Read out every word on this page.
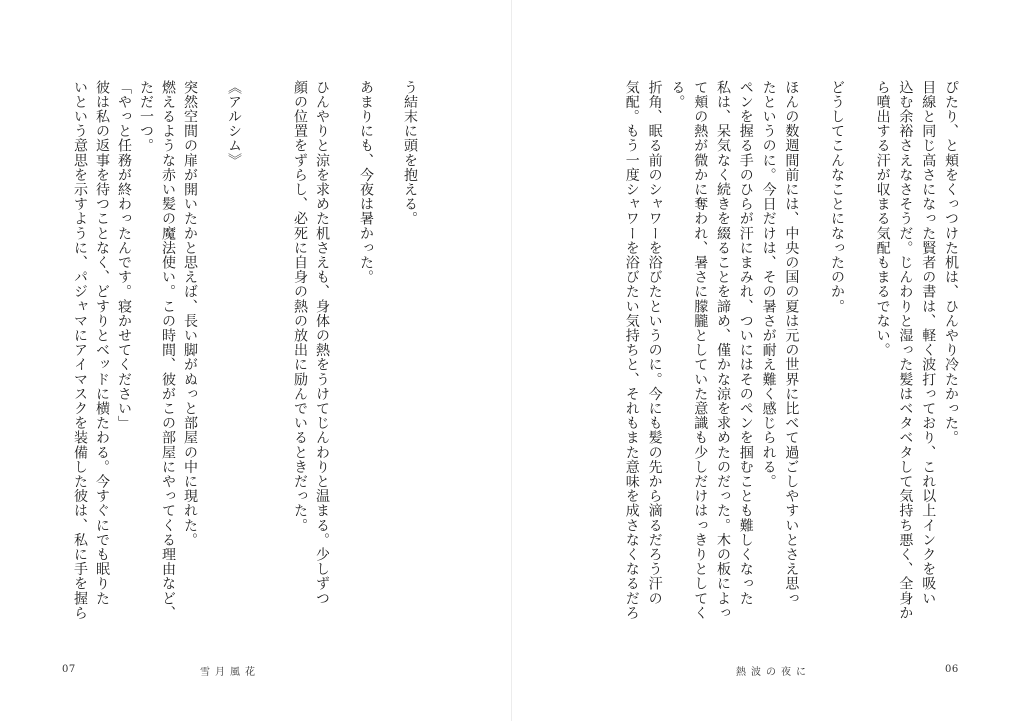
う結末に頭を抱える。
あまりにも、今夜は暑かった。
ひんやりと涼を求めた机さえも、身体の熱をうけてじんわりと温まる。少しずつ
顔の位置をずらし、必死に自身の熱の放出に励んでいるときだった。
《アルシム》
突然空間の扉が開いたかと思えば、長い脚がぬっと部屋の中に現れた。
燃えるような赤い髪の魔法使い。この時間、彼がこの部屋にやってくる理由など、
ただ一つ。
「やっと任務が終わったんです。寝かせてください」
彼は私の返事を待つことなく、どすりとベッドに横たわる。今すぐにでも眠りた
いという意思を示すように、パジャマにアイマスクを装備した彼は、私に手を握ら
07	雪月風花
ぴたり、と頬をくっつけた机は、ひんやり冷たかった。
目線と同じ高さになった賢者の書は、軽く波打っており、これ以上インクを吸い
込む余裕さえなさそうだ。じんわりと湿った髪はベタベタして気持ち悪く、全身か
ら噴出する汗が収まる気配もまるでない。
どうしてこんなことになったのか。
ほんの数週間前には、中央の国の夏は元の世界に比べて過ごしやすいとさえ思っ
たというのに。今日だけは、その暑さが耐え難く感じられる。
ペンを握る手のひらが汗にまみれ、ついにはそのペンを掴むことも難しくなった
私は、呆気なく続きを綴ることを諦め、僅かな涼を求めたのだった。木の板によっ
て頬の熱が微かに奪われ、暑さに朦朧としていた意識も少しだけはっきりとしてく
る。
折角、眠る前のシャワーを浴びたというのに。今にも髪の先から滴るだろう汗の
気配。もう一度シャワーを浴びたい気持ちと、それもまた意味を成さなくなるだろ
熱波の夜に	06
